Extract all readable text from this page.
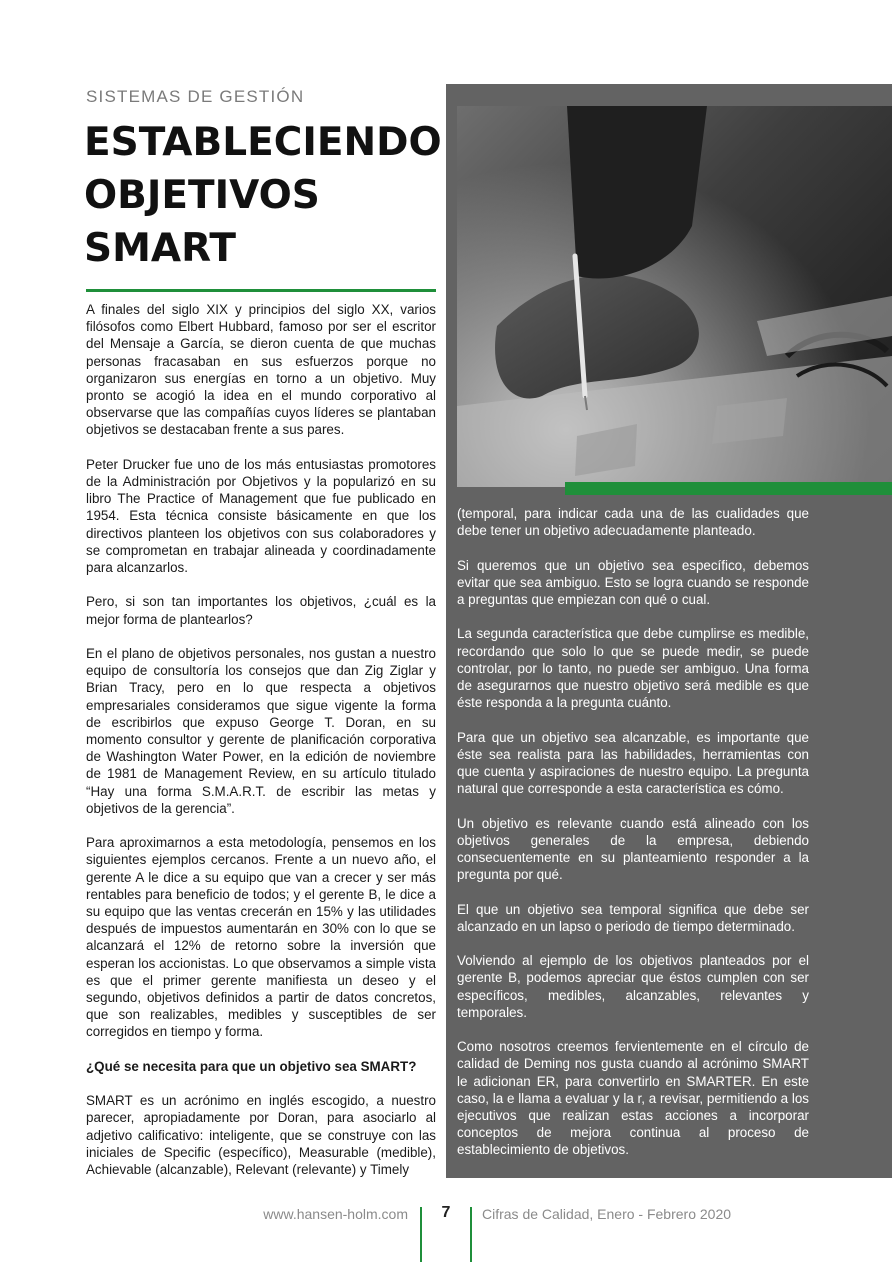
SISTEMAS DE GESTIÓN
ESTABLECIENDO
OBJETIVOS
SMART

A finales del siglo XIX y principios del siglo XX, varios filósofos como Elbert Hubbard, famoso por ser el escritor del Mensaje a García, se dieron cuenta de que muchas personas fracasaban en sus esfuerzos porque no organizaron sus energías en torno a un objetivo. Muy pronto se acogió la idea en el mundo corporativo al observarse que las compañías cuyos líderes se plantaban objetivos se destacaban frente a sus pares.

Peter Drucker fue uno de los más entusiastas promotores de la Administración por Objetivos y la popularizó en su libro The Practice of Management que fue publicado en 1954. Esta técnica consiste básicamente en que los directivos planteen los objetivos con sus colaboradores y se comprometan en trabajar alineada y coordinadamente para alcanzarlos.

Pero, si son tan importantes los objetivos, ¿cuál es la mejor forma de plantearlos?

En el plano de objetivos personales, nos gustan a nuestro equipo de consultoría los consejos que dan Zig Ziglar y Brian Tracy, pero en lo que respecta a objetivos empresariales consideramos que sigue vigente la forma de escribirlos que expuso George T. Doran, en su momento consultor y gerente de planificación corporativa de Washington Water Power, en la edición de noviembre de 1981 de Management Review, en su artículo titulado “Hay una forma S.M.A.R.T. de escribir las metas y objetivos de la gerencia”.

Para aproximarnos a esta metodología, pensemos en los siguientes ejemplos cercanos. Frente a un nuevo año, el gerente A le dice a su equipo que van a crecer y ser más rentables para beneficio de todos; y el gerente B, le dice a su equipo que las ventas crecerán en 15% y las utilidades después de impuestos aumentarán en 30% con lo que se alcanzará el 12% de retorno sobre la inversión que esperan los accionistas. Lo que observamos a simple vista es que el primer gerente manifiesta un deseo y el segundo, objetivos definidos a partir de datos concretos, que son realizables, medibles y susceptibles de ser corregidos en tiempo y forma.

¿Qué se necesita para que un objetivo sea SMART?

SMART es un acrónimo en inglés escogido, a nuestro parecer, apropiadamente por Doran, para asociarlo al adjetivo calificativo: inteligente, que se construye con las iniciales de Specific (específico), Measurable (medible), Achievable (alcanzable), Relevant (relevante) y Timely

(temporal, para indicar cada una de las cualidades que debe tener un objetivo adecuadamente planteado.

Si queremos que un objetivo sea específico, debemos evitar que sea ambiguo. Esto se logra cuando se responde a preguntas que empiezan con qué o cual.

La segunda característica que debe cumplirse es medible, recordando que solo lo que se puede medir, se puede controlar, por lo tanto, no puede ser ambiguo. Una forma de asegurarnos que nuestro objetivo será medible es que éste responda a la pregunta cuánto.

Para que un objetivo sea alcanzable, es importante que éste sea realista para las habilidades, herramientas con que cuenta y aspiraciones de nuestro equipo. La pregunta natural que corresponde a esta característica es cómo.

Un objetivo es relevante cuando está alineado con los objetivos generales de la empresa, debiendo consecuentemente en su planteamiento responder a la pregunta por qué.

El que un objetivo sea temporal significa que debe ser alcanzado en un lapso o periodo de tiempo determinado.

Volviendo al ejemplo de los objetivos planteados por el gerente B, podemos apreciar que éstos cumplen con ser específicos, medibles, alcanzables, relevantes y temporales.

Como nosotros creemos fervientemente en el círculo de calidad de Deming nos gusta cuando al acrónimo SMART le adicionan ER, para convertirlo en SMARTER. En este caso, la e llama a evaluar y la r, a revisar, permitiendo a los ejecutivos que realizan estas acciones a incorporar conceptos de mejora continua al proceso de establecimiento de objetivos.

www.hansen-holm.com	7	Cifras de Calidad, Enero - Febrero 2020
